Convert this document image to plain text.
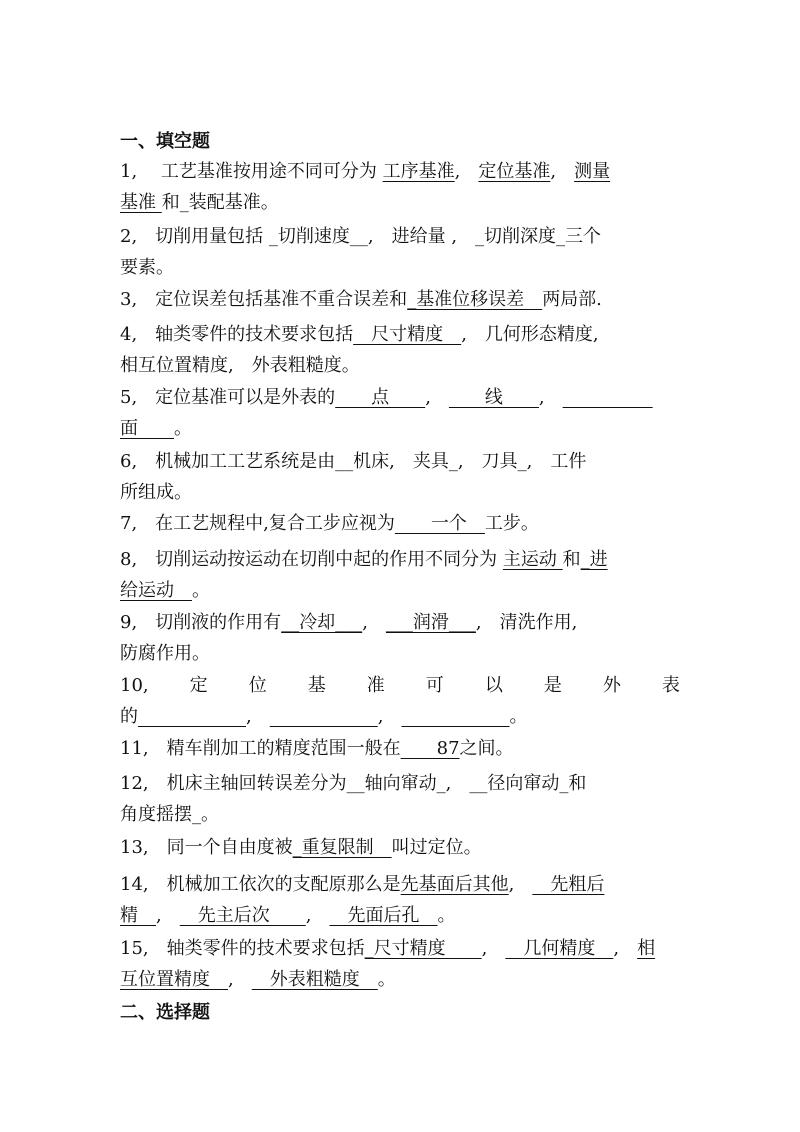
一、填空题

1,　 工艺基准按用途不同可分为 工序基准,　定位基准,　测量

基准 和_装配基准。

2,　切削用量包括 _切削速度__,　进给量 ,　_切削深度_三个

要素。

3,　定位误差包括基准不重合误差和_基准位移误差　两局部.

4,　轴类零件的技术要求包括　尺寸精度　,　几何形态精度,

相互位置精度,　外表粗糙度。

5,　定位基准可以是外表的　　点　　,　　　线　　,　　　　　　

面　　。

6,　机械加工工艺系统是由__机床,　夹具_,　刀具_,　工件

所组成。

7,　在工艺规程中,复合工步应视为　　一个　工步。

8,　切削运动按运动在切削中起的作用不同分为 主运动 和_进

给运动　。

9,　切削液的作用有__冷却___,　___润滑___,　清洗作用,

防腐作用。

10, 定 位 基 准 可 以 是 外 表

的　　　　　　	,　　　　　　　	,　　　　　　　	。

11,　精车削加工的精度范围一般在　　87之间。

12,　机床主轴回转误差分为__轴向窜动_,　__径向窜动_和

角度摇摆_。

13,　同一个自由度被_重复限制　叫过定位。

14,　机械加工依次的支配原那么是先基面后其他,　　先粗后

精　,　　先主后次　　,　　先面后孔　。

15,　轴类零件的技术要求包括_尺寸精度　　,　　几何精度　,　相

互位置精度　,　　外表粗糙度　。

二、选择题
